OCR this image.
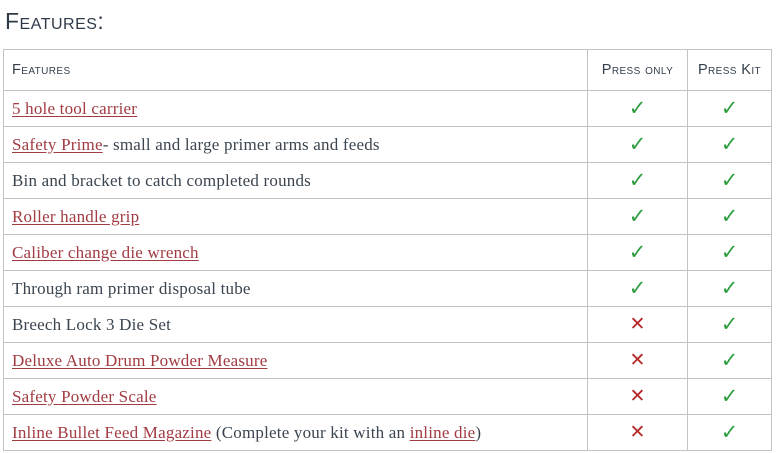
Features:
Features	Press only	Press Kit
5 hole tool carrier	✓	✓
Safety Prime- small and large primer arms and feeds	✓	✓
Bin and bracket to catch completed rounds	✓	✓
Roller handle grip	✓	✓
Caliber change die wrench	✓	✓
Through ram primer disposal tube	✓	✓
Breech Lock 3 Die Set	✕	✓
Deluxe Auto Drum Powder Measure	✕	✓
Safety Powder Scale	✕	✓
Inline Bullet Feed Magazine (Complete your kit with an inline die)	✕	✓
